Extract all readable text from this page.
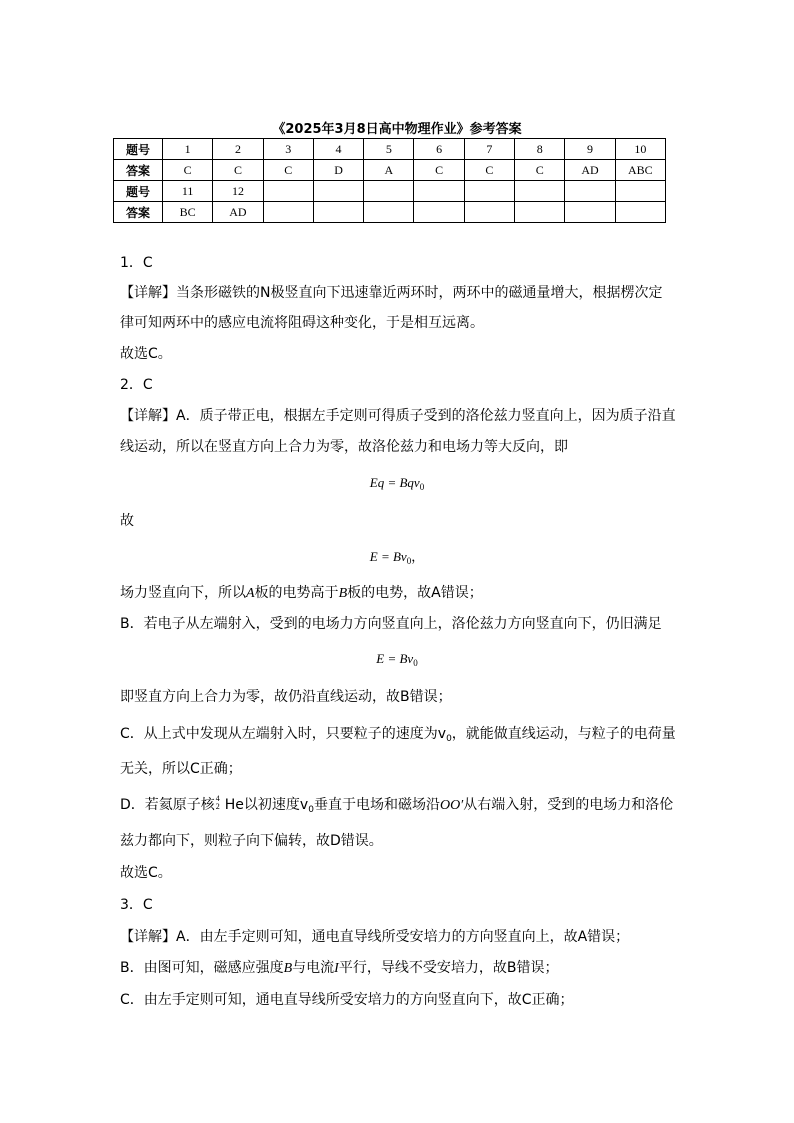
《2025年3月8日高中物理作业》参考答案
题号	1	2	3	4	5	6	7	8	9	10
答案	C	C	C	D	A	C	C	C	AD	ABC
题号	11	12								
答案	BC	AD								
1．C
【详解】当条形磁铁的N极竖直向下迅速靠近两环时，两环中的磁通量增大，根据楞次定
律可知两环中的感应电流将阻碍这种变化，于是相互远离。
故选C。
2．C
【详解】A．质子带正电，根据左手定则可得质子受到的洛伦兹力竖直向上，因为质子沿直
线运动，所以在竖直方向上合力为零，故洛伦兹力和电场力等大反向，即
Eq = Bqv$_0$
故
$E = Bv_0$，
场力竖直向下，所以A板的电势高于B板的电势，故A错误；
B．若电子从左端射入，受到的电场力方向竖直向上，洛伦兹力方向竖直向下，仍旧满足
$E = Bv_0$
即竖直方向上合力为零，故仍沿直线运动，故B错误；
C．从上式中发现从左端射入时，只要粒子的速度为$v_0$，就能做直线运动，与粒子的电荷量
无关，所以C正确；
D．若氦原子核 4
2 He以初速度$v_0$垂直于电场和磁场沿OO′从右端入射，受到的电场力和洛伦
兹力都向下，则粒子向下偏转，故D错误。
故选C。
3．C
【详解】A．由左手定则可知，通电直导线所受安培力的方向竖直向上，故A错误；
B．由图可知，磁感应强度B与电流I平行，导线不受安培力，故B错误；
C．由左手定则可知，通电直导线所受安培力的方向竖直向下，故C正确；
